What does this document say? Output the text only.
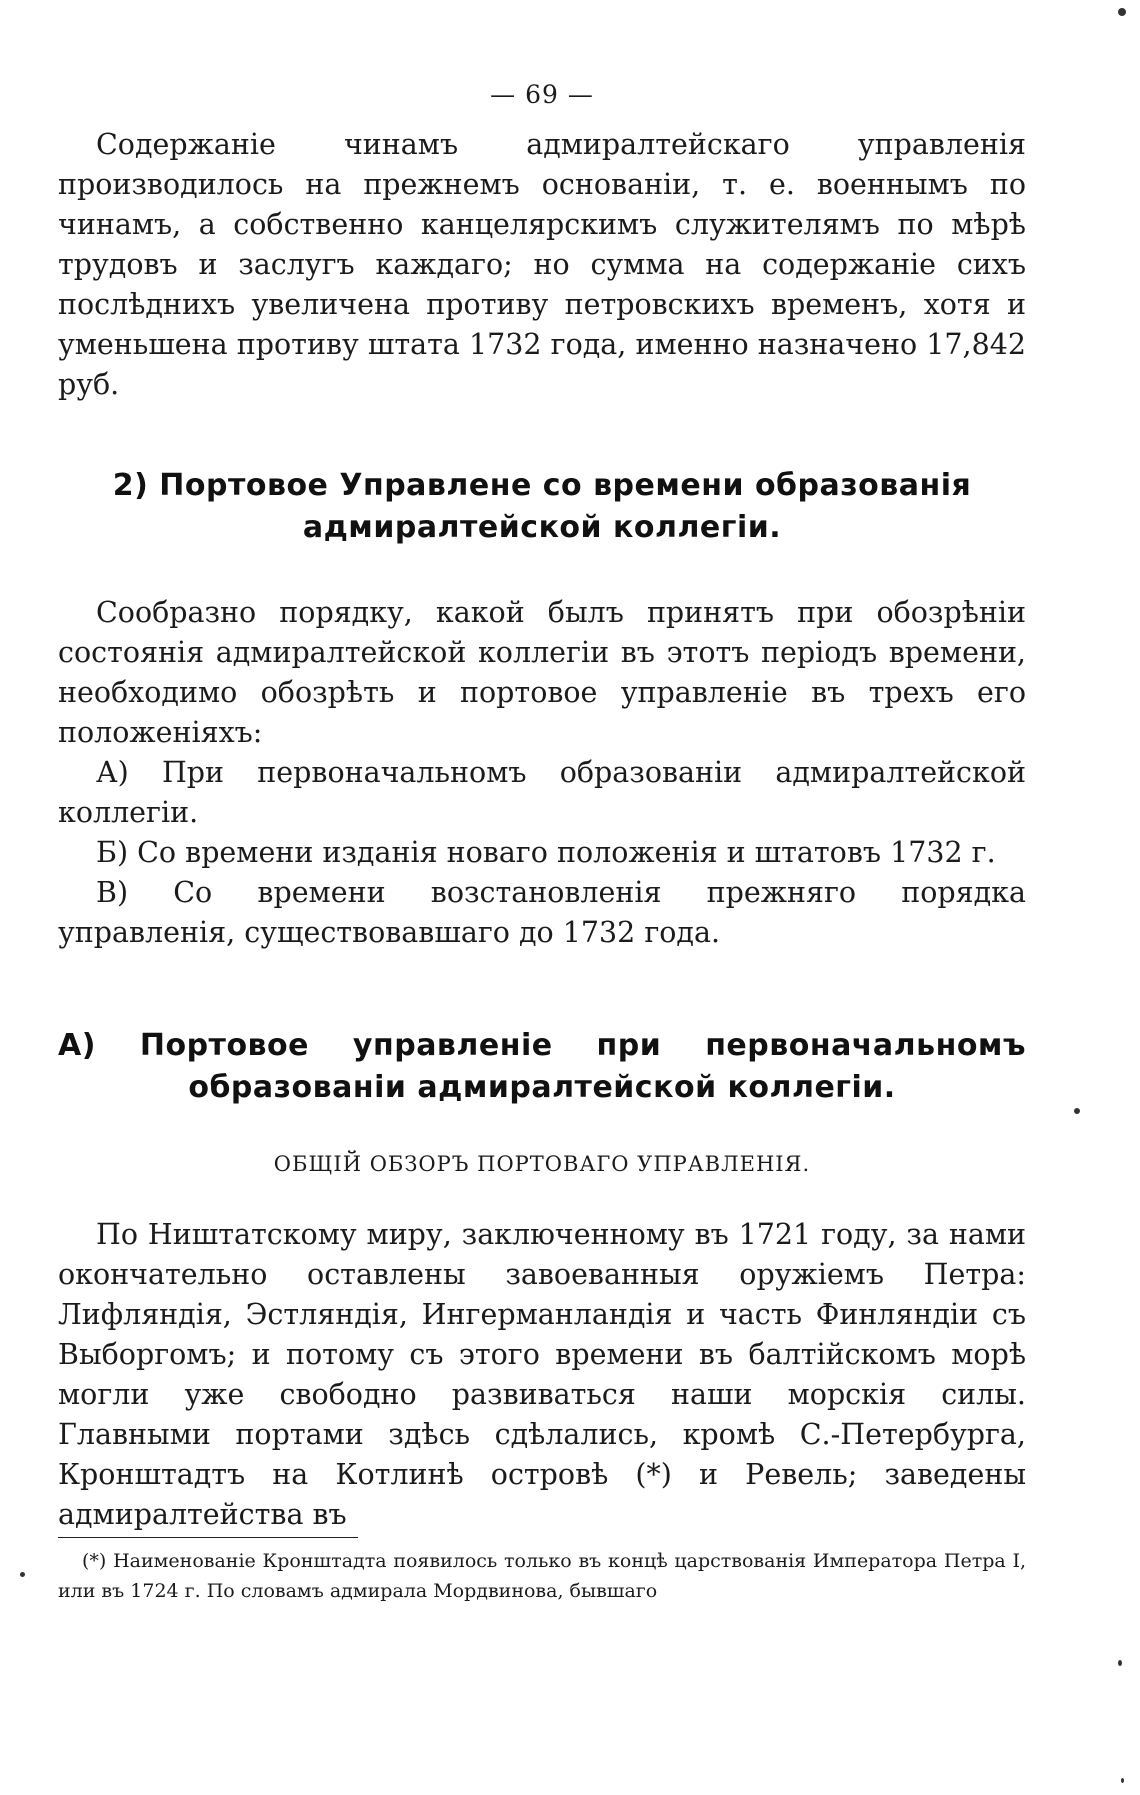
— 69 —

Содержаніе чинамъ адмиралтейскаго управленія производилось на прежнемъ основаніи, т. е. военнымъ по чинамъ, а собственно канцелярскимъ служителямъ по мѣрѣ трудовъ и заслугъ каждаго; но сумма на содержаніе сихъ послѣднихъ увеличена противу петровскихъ временъ, хотя и уменьшена противу штата 1732 года, именно назначено 17,842 руб.

2) Портовое Управлене со времени образованія адмиралтейской коллегіи.

Сообразно порядку, какой былъ принятъ при обозрѣніи состоянія адмиралтейской коллегіи въ этотъ періодъ времени, необходимо обозрѣть и портовое управленіе въ трехъ его положеніяхъ:

А) При первоначальномъ образованіи адмиралтейской коллегіи.

Б) Со времени изданія новаго положенія и штатовъ 1732 г.

В) Со времени возстановленія прежняго порядка управленія, существовавшаго до 1732 года.

А) Портовое управленіе при первоначальномъ образованіи адмиралтейской коллегіи.
ОБЩІЙ ОБЗОРЪ ПОРТОВАГО УПРАВЛЕНІЯ.

По Ништатскому миру, заключенному въ 1721 году, за нами окончательно оставлены завоеванныя оружіемъ Петра: Лифляндія, Эстляндія, Ингерманландія и часть Финляндіи съ Выборгомъ; и потому съ этого времени въ балтійскомъ морѣ могли уже свободно развиваться наши морскія силы. Главными портами здѣсь сдѣлались, кромѣ С.-Петербурга, Кронштадтъ на Котлинѣ островѣ (*) и Ревель; заведены адмиралтейства въ

(*) Наименованіе Кронштадта появилось только въ концѣ царствованія Императора Петра I, или въ 1724 г. По словамъ адмирала Мордвинова, бывшаго
